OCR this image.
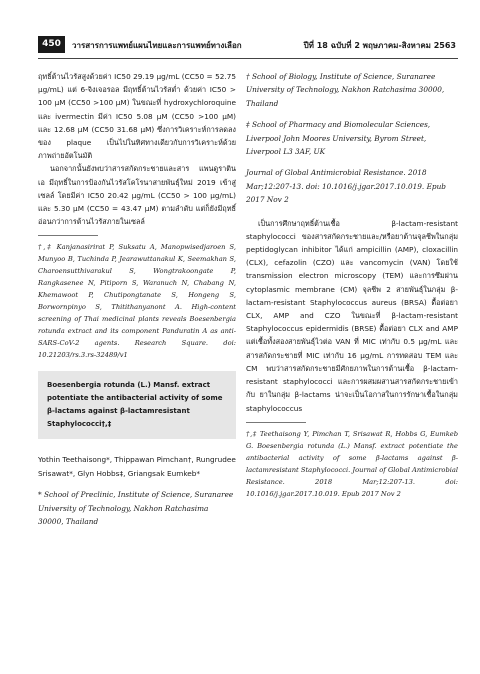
450	วารสารการแพทย์แผนไทยและการแพทย์ทางเลือก	ปีที่ 18 ฉบับที่ 2 พฤษภาคม-สิงหาคม 2563

ฤทธิ์ต้านไวรัสสูงด้วยค่า IC50 29.19 µg/mL (CC50 = 52.75 µg/mL) แต่ 6-จิงเจอรอล มีฤทธิ์ต้านไวรัสต่ำ ด้วยค่า IC50 > 100 µM (CC50 >100 µM) ในขณะที่ hydroxychloroquine และ ivermectin มีค่า IC50 5.08 µM (CC50 >100 µM) และ 12.68 µM (CC50 31.68 µM) ซึ่งการวิเคราะห์การลดลงของ plaque เป็นไปในทิศทางเดียวกับการวิเคราะห์ด้วยภาพถ่ายอัตโนมัติ

นอกจากนั้นยังพบว่าสารสกัดกระชายและสาร แพนดูราติน เอ มีฤทธิ์ในการป้องกันไวรัสโคโรนาสายพันธุ์ใหม่ 2019 เข้าสู่เซลล์ โดยมีค่า IC50 20.42 µg/mL (CC50 > 100 µg/mL) และ 5.30 µM (CC50 = 43.47 µM) ตามลำดับ แต่ก็ยังมีฤทธิ์อ่อนกว่าการต้านไวรัสภายในเซลล์

†,‡ Kanjanasirirat P, Suksatu A, Manopwisedjaroen S, Munyoo B, Tuchinda P, Jearawuttanakul K, Seemakhan S, Charoensutthivarakul S, Wongtrakoongate P, Rangkasenee N, Pitiporn S, Waranuch N, Chabang N, Khemawoot P, Chutipongtanate S, Hongeng S, Borwornpinyo S, Thitithanyanont A. High-content screening of Thai medicinal plants reveals Boesenbergia rotunda extract and its component Panduratin A as anti-SARS-CoV-2 agents. Research Square. doi: 10.21203/rs.3.rs-32489/v1

Boesenbergia rotunda (L.) Mansf. extract potentiate the antibacterial activity of some β-lactams against β-lactamresistant Staphylococci†,‡
Yothin Teethaisong*, Thippawan Pimchan†, Rungrudee Srisawat*, Glyn Hobbs‡, Griangsak Eumkeb*

* School of Preclinic, Institute of Science, Suranaree University of Technology, Nakhon Ratchasima 30000, Thailand

† School of Biology, Institute of Science, Suranaree University of Technology, Nakhon Ratchasima 30000, Thailand

‡ School of Pharmacy and Biomolecular Sciences, Liverpool John Moores University, Byrom Street, Liverpool L3 3AF, UK

Journal of Global Antimicrobial Resistance. 2018 Mar;12:207-13. doi: 10.1016/j.jgar.2017.10.019. Epub 2017 Nov 2

เป็นการศึกษาฤทธิ์ต้านเชื้อ β-lactam-resistant staphylococci ของสารสกัดกระชายและ/หรือยาต้านจุลชีพในกลุ่ม peptidoglycan inhibitor ได้แก่ ampicillin (AMP), cloxacillin (CLX), cefazolin (CZO) และ vancomycin (VAN) โดยใช้ transmission electron microscopy (TEM) และการซึมผ่าน cytoplasmic membrane (CM) จุลชีพ 2 สายพันธุ์ในกลุ่ม β-lactam-resistant Staphylococcus aureus (BRSA) ดื้อต่อยา CLX, AMP and CZO ในขณะที่ β-lactam-resistant Staphylococcus epidermidis (BRSE) ดื้อต่อยา CLX and AMP แต่เชื้อทั้งสองสายพันธุ์ไวต่อ VAN ที่ MIC เท่ากับ 0.5 µg/mL และสารสกัดกระชายที่ MIC เท่ากับ 16 µg/mL การทดสอบ TEM และ CM พบว่าสารสกัดกระชายมีศักยภาพในการต้านเชื้อ β-lactam-resistant staphylococci และการผสมผสานสารสกัดกระชายเข้ากับ ยาในกลุ่ม β-lactams น่าจะเป็นโอกาสในการรักษาเชื้อในกลุ่ม staphylococcus

†,‡ Teethaisong Y, Pimchan T, Srisawat R, Hobbs G, Eumkeb G. Boesenbergia rotunda (L.) Mansf. extract potentiate the antibacterial activity of some β-lactams against β-lactamresistant Staphylococci. Journal of Global Antimicrobial Resistance. 2018 Mar;12:207-13. doi: 10.1016/j.jgar.2017.10.019. Epub 2017 Nov 2
